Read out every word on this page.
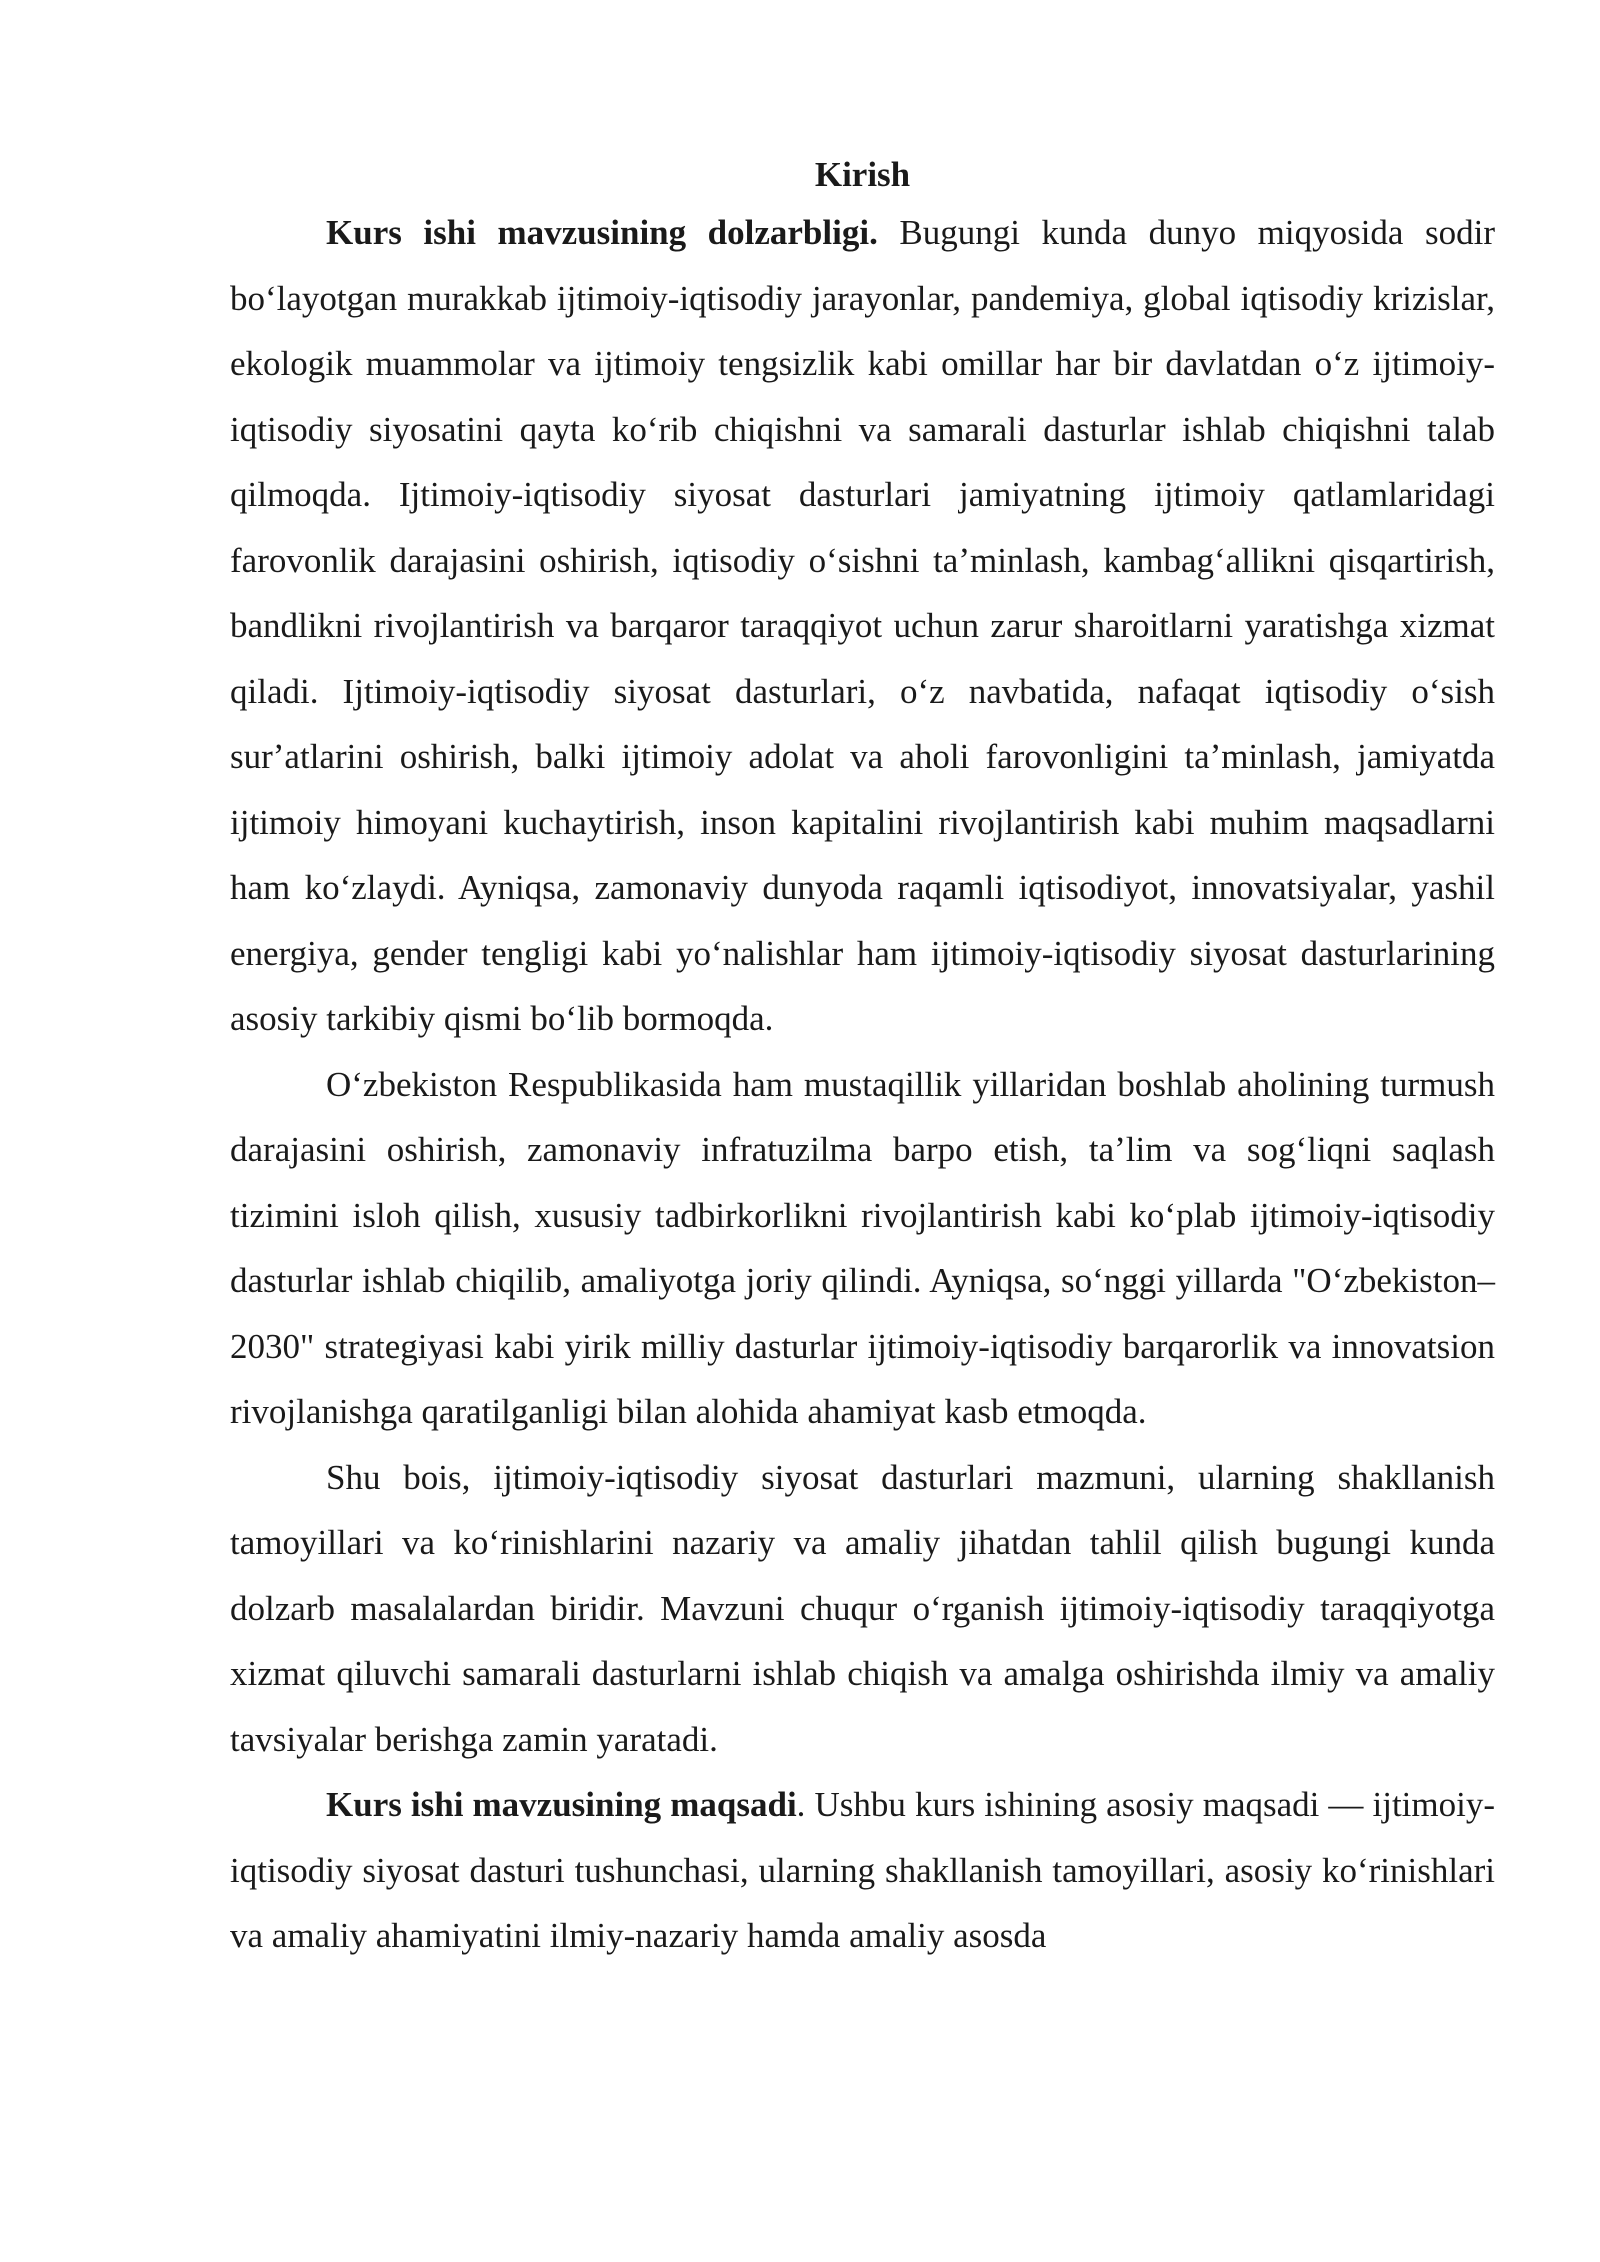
Kirish

Kurs ishi mavzusining dolzarbligi. Bugungi kunda dunyo miqyosida sodir boʻlayotgan murakkab ijtimoiy-iqtisodiy jarayonlar, pandemiya, global iqtisodiy krizislar, ekologik muammolar va ijtimoiy tengsizlik kabi omillar har bir davlatdan oʻz ijtimoiy-iqtisodiy siyosatini qayta koʻrib chiqishni va samarali dasturlar ishlab chiqishni talab qilmoqda. Ijtimoiy-iqtisodiy siyosat dasturlari jamiyatning ijtimoiy qatlamlaridagi farovonlik darajasini oshirish, iqtisodiy oʻsishni taʼminlash, kambagʻallikni qisqartirish, bandlikni rivojlantirish va barqaror taraqqiyot uchun zarur sharoitlarni yaratishga xizmat qiladi. Ijtimoiy-iqtisodiy siyosat dasturlari, oʻz navbatida, nafaqat iqtisodiy oʻsish surʼatlarini oshirish, balki ijtimoiy adolat va aholi farovonligini taʼminlash, jamiyatda ijtimoiy himoyani kuchaytirish, inson kapitalini rivojlantirish kabi muhim maqsadlarni ham koʻzlaydi. Ayniqsa, zamonaviy dunyoda raqamli iqtisodiyot, innovatsiyalar, yashil energiya, gender tengligi kabi yoʻnalishlar ham ijtimoiy-iqtisodiy siyosat dasturlarining asosiy tarkibiy qismi boʻlib bormoqda.

Oʻzbekiston Respublikasida ham mustaqillik yillaridan boshlab aholining turmush darajasini oshirish, zamonaviy infratuzilma barpo etish, taʼlim va sogʻliqni saqlash tizimini isloh qilish, xususiy tadbirkorlikni rivojlantirish kabi koʻplab ijtimoiy-iqtisodiy dasturlar ishlab chiqilib, amaliyotga joriy qilindi. Ayniqsa, soʻnggi yillarda "Oʻzbekiston–2030" strategiyasi kabi yirik milliy dasturlar ijtimoiy-iqtisodiy barqarorlik va innovatsion rivojlanishga qaratilganligi bilan alohida ahamiyat kasb etmoqda.

Shu bois, ijtimoiy-iqtisodiy siyosat dasturlari mazmuni, ularning shakllanish tamoyillari va koʻrinishlarini nazariy va amaliy jihatdan tahlil qilish bugungi kunda dolzarb masalalardan biridir. Mavzuni chuqur oʻrganish ijtimoiy-iqtisodiy taraqqiyotga xizmat qiluvchi samarali dasturlarni ishlab chiqish va amalga oshirishda ilmiy va amaliy tavsiyalar berishga zamin yaratadi.

Kurs ishi mavzusining maqsadi. Ushbu kurs ishining asosiy maqsadi — ijtimoiy-iqtisodiy siyosat dasturi tushunchasi, ularning shakllanish tamoyillari, asosiy koʻrinishlari va amaliy ahamiyatini ilmiy-nazariy hamda amaliy asosda
